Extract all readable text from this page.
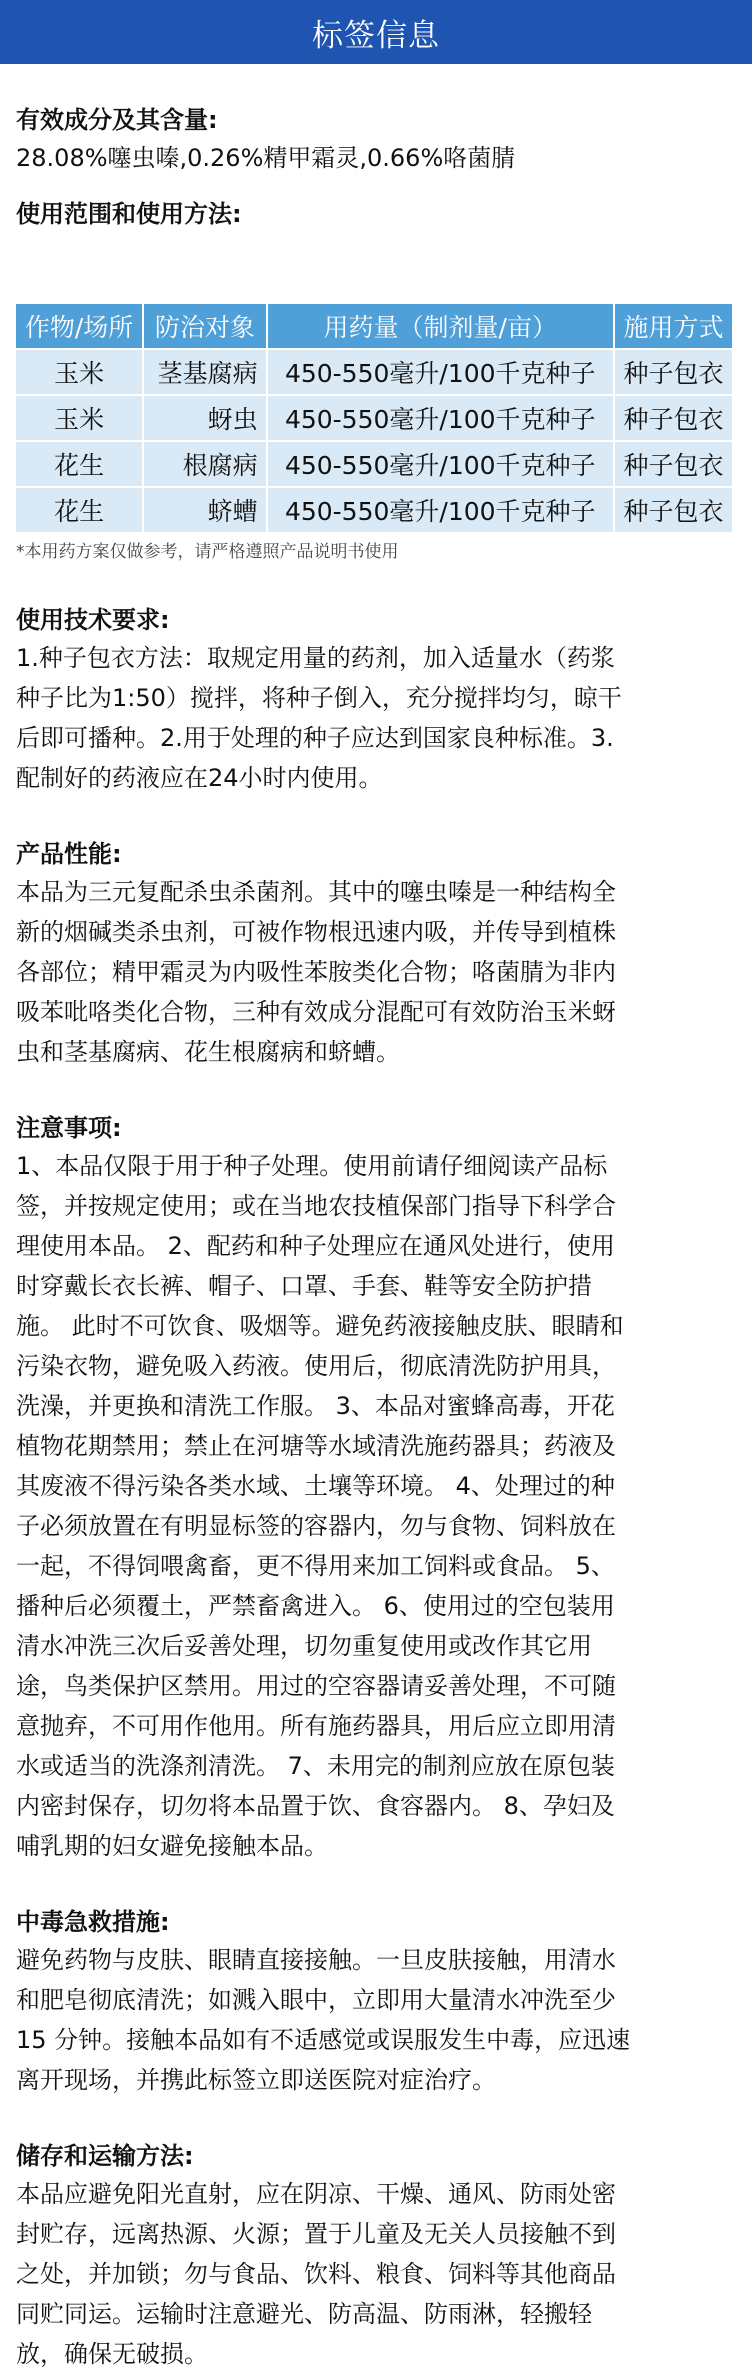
标签信息

有效成分及其含量:

28.08%噻虫嗪,0.26%精甲霜灵,0.66%咯菌腈

使用范围和使用方法:

作物/场所	防治对象	用药量（制剂量/亩）	施用方式
玉米	茎基腐病	450-550毫升/100千克种子	种子包衣
玉米	蚜虫	450-550毫升/100千克种子	种子包衣
花生	根腐病	450-550毫升/100千克种子	种子包衣
花生	蛴螬	450-550毫升/100千克种子	种子包衣
*本用药方案仅做参考，请严格遵照产品说明书使用

使用技术要求:

1.种子包衣方法：取规定用量的药剂，加入适量水（药浆

种子比为1:50）搅拌，将种子倒入，充分搅拌均匀，晾干

后即可播种。2.用于处理的种子应达到国家良种标准。3.

配制好的药液应在24小时内使用。

产品性能:

本品为三元复配杀虫杀菌剂。其中的噻虫嗪是一种结构全

新的烟碱类杀虫剂，可被作物根迅速内吸，并传导到植株

各部位；精甲霜灵为内吸性苯胺类化合物；咯菌腈为非内

吸苯吡咯类化合物，三种有效成分混配可有效防治玉米蚜

虫和茎基腐病、花生根腐病和蛴螬。

注意事项:

1、本品仅限于用于种子处理。使用前请仔细阅读产品标

签，并按规定使用；或在当地农技植保部门指导下科学合

理使用本品。 2、配药和种子处理应在通风处进行，使用

时穿戴长衣长裤、帽子、口罩、手套、鞋等安全防护措

施。 此时不可饮食、吸烟等。避免药液接触皮肤、眼睛和

污染衣物，避免吸入药液。使用后，彻底清洗防护用具，

洗澡，并更换和清洗工作服。 3、本品对蜜蜂高毒，开花

植物花期禁用；禁止在河塘等水域清洗施药器具；药液及

其废液不得污染各类水域、土壤等环境。 4、处理过的种

子必须放置在有明显标签的容器内，勿与食物、饲料放在

一起，不得饲喂禽畜，更不得用来加工饲料或食品。 5、

播种后必须覆土，严禁畜禽进入。 6、使用过的空包装用

清水冲洗三次后妥善处理，切勿重复使用或改作其它用

途，鸟类保护区禁用。用过的空容器请妥善处理，不可随

意抛弃，不可用作他用。所有施药器具，用后应立即用清

水或适当的洗涤剂清洗。 7、未用完的制剂应放在原包装

内密封保存，切勿将本品置于饮、食容器内。 8、孕妇及

哺乳期的妇女避免接触本品。

中毒急救措施:

避免药物与皮肤、眼睛直接接触。一旦皮肤接触，用清水

和肥皂彻底清洗；如溅入眼中，立即用大量清水冲洗至少

15 分钟。接触本品如有不适感觉或误服发生中毒，应迅速

离开现场，并携此标签立即送医院对症治疗。

储存和运输方法:

本品应避免阳光直射，应在阴凉、干燥、通风、防雨处密

封贮存，远离热源、火源；置于儿童及无关人员接触不到

之处，并加锁；勿与食品、饮料、粮食、饲料等其他商品

同贮同运。运输时注意避光、防高温、防雨淋，轻搬轻

放，确保无破损。
